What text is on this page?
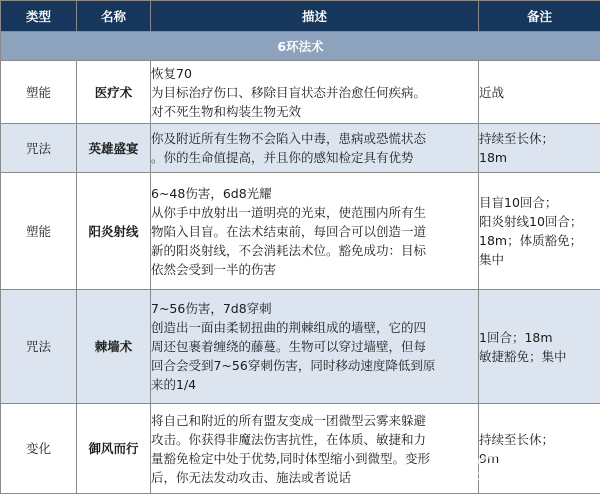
类型	名称	描述	备注
6环法术			
塑能	医疗术	恢复70
为目标治疗伤口、移除目盲状态并治愈任何疾病。
对不死生物和构装生物无效	近战

咒法	英雄盛宴	你及附近所有生物不会陷入中毒，患病或恐慌状态
。你的生命值提高，并且你的感知检定具有优势	持续至长休；
18m

塑能	阳炎射线	6~48伤害，6d8光耀
从你手中放射出一道明亮的光束，使范围内所有生
物陷入目盲。在法术结束前，每回合可以创造一道
新的阳炎射线，不会消耗法术位。豁免成功：目标
依然会受到一半的伤害	目盲10回合；
阳炎射线10回合；
18m；体质豁免；
集中

咒法	棘墙术	7~56伤害，7d8穿刺
创造出一面由柔韧扭曲的荆棘组成的墙壁，它的四
周还包裹着缠绕的藤蔓。生物可以穿过墙壁，但每
回合会受到7~56穿刺伤害，同时移动速度降低到原
来的1/4	1回合；18m
敏捷豁免；集中

变化	御风而行	将自己和附近的所有盟友变成一团微型云雾来躲避
攻击。你获得非魔法伤害抗性，在体质、敏捷和力
量豁免检定中处于优势,同时体型缩小到微型。变形
后，你无法发动攻击、施法或者说话	持续至长休；
9m
